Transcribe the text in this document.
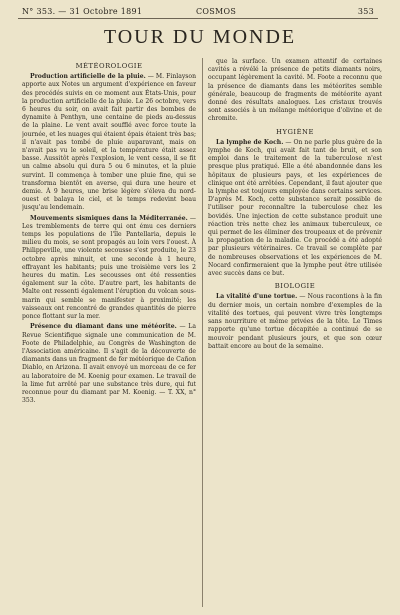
N° 353. — 31 Octobre 1891	COSMOS	353
TOUR DU MONDE
MÉTÉOROLOGIE

Production artificielle de la pluie. — M. Finlayson apporte aux Notes un argument d'expérience en faveur des procédés suivis en ce moment aux États-Unis, pour la production artificielle de la pluie. Le 26 octobre, vers 6 heures du soir, on avait fait partir des bombes de dynamite à Penthyn, une centaine de pieds au-dessus de la plaine. Le vent avait soufflé avec force toute la journée, et les nuages qui étaient épais étaient très bas; il n'avait pas tombé de pluie auparavant, mais on n'avait pas vu le soleil, et la température était assez basse. Aussitôt après l'explosion, le vent cessa, il se fit un calme absolu qui dura 5 ou 6 minutes, et la pluie survint. Il commença à tomber une pluie fine, qui se transforma bientôt en averse, qui dura une heure et demie. À 9 heures, une brise légère s'éleva du nord-ouest et balaya le ciel, et le temps redevint beau jusqu'au lendemain.

Mouvements sismiques dans la Méditerranée. — Les tremblements de terre qui ont ému ces derniers temps les populations de l'île Pantellaria, depuis le milieu du mois, se sont propagés au loin vers l'ouest. À Philippeville, une violente secousse s'est produite, le 23 octobre après minuit, et une seconde à 1 heure, effrayant les habitants; puis une troisième vers les 2 heures du matin. Les secousses ont été ressenties également sur la côte. D'autre part, les habitants de Malte ont ressenti également l'éruption du volcan sous-marin qui semble se manifester à proximité; les vaisseaux ont rencontré de grandes quantités de pierre ponce flottant sur la mer.

Présence du diamant dans une météorite. — La Revue Scientifique signale une communication de M. Foote de Philadelphie, au Congrès de Washington de l'Association américaine. Il s'agit de la découverte de diamants dans un fragment de fer météorique de Cañon Diablo, en Arizona. Il avait envoyé un morceau de ce fer au laboratoire de M. Koenig pour examen. Le travail de la lime fut arrêté par une substance très dure, qui fut reconnue pour du diamant par M. Koenig. — T. XX, n° 353.

que la surface. Un examen attentif de certaines cavités a révélé la présence de petits diamants noirs, occupant légèrement la cavité. M. Foote a reconnu que la présence de diamants dans les météorites semble générale, beaucoup de fragments de météorite ayant donné des résultats analogues. Les cristaux trouvés sont associés à un mélange météorique d'olivine et de chromite.

HYGIÈNE

La lymphe de Koch. — On ne parle plus guère de la lymphe de Koch, qui avait fait tant de bruit, et son emploi dans le traitement de la tuberculose n'est presque plus pratiqué. Elle a été abandonnée dans les hôpitaux de plusieurs pays, et les expériences de clinique ont été arrêtées. Cependant, il faut ajouter que la lymphe est toujours employée dans certains services. D'après M. Koch, cette substance serait possible de l'utiliser pour reconnaître la tuberculose chez les bovidés. Une injection de cette substance produit une réaction très nette chez les animaux tuberculeux, ce qui permet de les éliminer des troupeaux et de prévenir la propagation de la maladie. Ce procédé a été adopté par plusieurs vétérinaires. Ce travail se complète par de nombreuses observations et les expériences de M. Nocard confirmeraient que la lymphe peut être utilisée avec succès dans ce but.

BIOLOGIE

La vitalité d'une tortue. — Nous racontions à la fin du dernier mois, un certain nombre d'exemples de la vitalité des tortues, qui peuvent vivre très longtemps sans nourriture et même privées de la tête. Le Times rapporte qu'une tortue décapitée a continué de se mouvoir pendant plusieurs jours, et que son cœur battait encore au bout de la semaine.
